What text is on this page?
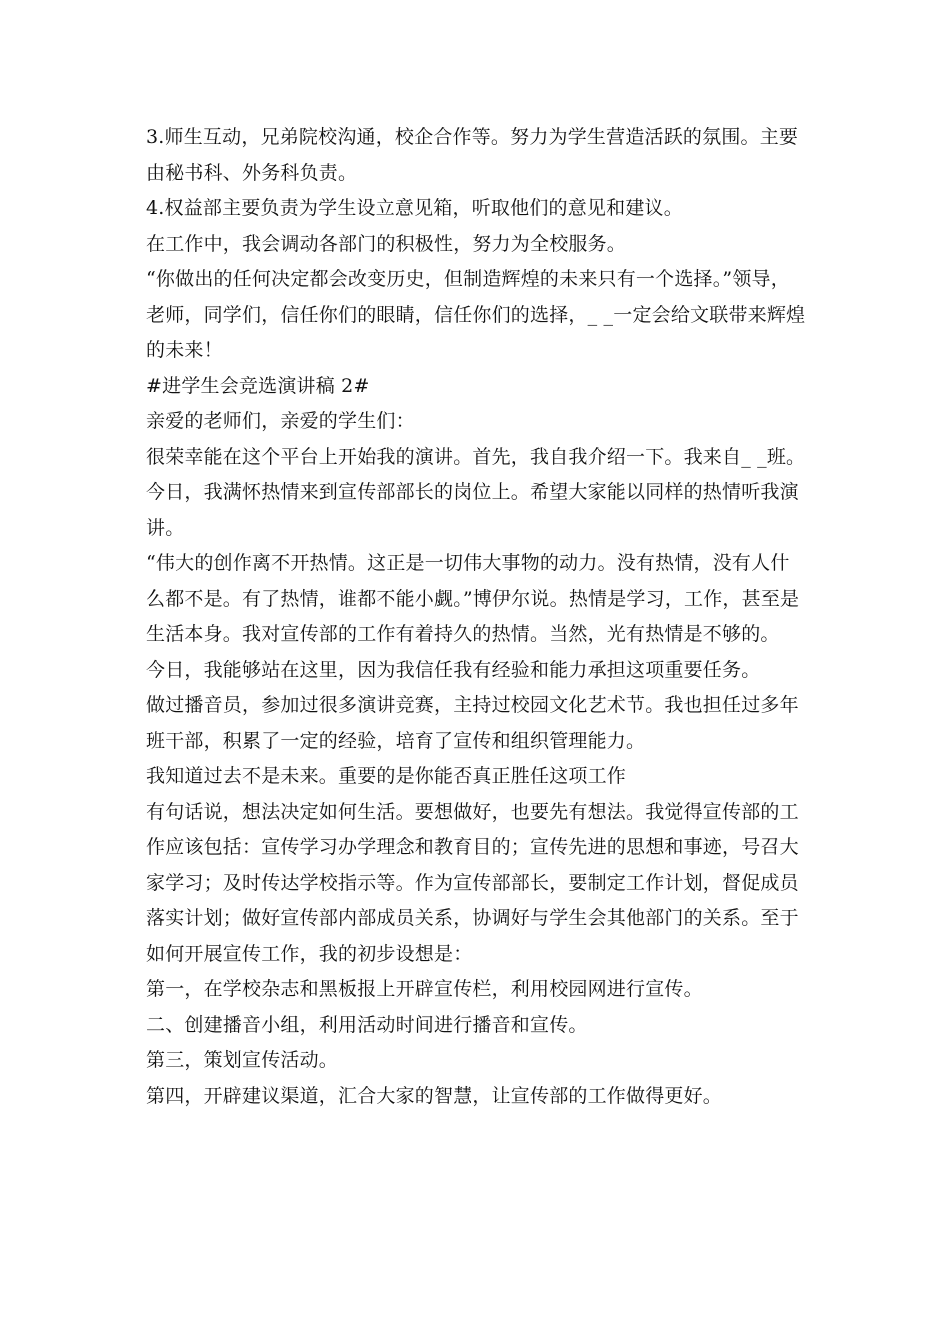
3.师生互动，兄弟院校沟通，校企合作等。努力为学生营造活跃的氛围。主要由秘书科、外务科负责。

4.权益部主要负责为学生设立意见箱，听取他们的意见和建议。

在工作中，我会调动各部门的积极性，努力为全校服务。

“你做出的任何决定都会改变历史，但制造辉煌的未来只有一个选择。”领导，老师，同学们，信任你们的眼睛，信任你们的选择，_ _一定会给文联带来辉煌的未来！

#进学生会竞选演讲稿 2#

亲爱的老师们，亲爱的学生们：

很荣幸能在这个平台上开始我的演讲。首先，我自我介绍一下。我来自_ _班。今日，我满怀热情来到宣传部部长的岗位上。希望大家能以同样的热情听我演讲。

“伟大的创作离不开热情。这正是一切伟大事物的动力。没有热情，没有人什么都不是。有了热情，谁都不能小觑。”博伊尔说。热情是学习，工作，甚至是生活本身。我对宣传部的工作有着持久的热情。当然，光有热情是不够的。

今日，我能够站在这里，因为我信任我有经验和能力承担这项重要任务。

做过播音员，参加过很多演讲竞赛，主持过校园文化艺术节。我也担任过多年班干部，积累了一定的经验，培育了宣传和组织管理能力。

我知道过去不是未来。重要的是你能否真正胜任这项工作

有句话说，想法决定如何生活。要想做好，也要先有想法。我觉得宣传部的工作应该包括：宣传学习办学理念和教育目的；宣传先进的思想和事迹，号召大家学习；及时传达学校指示等。作为宣传部部长，要制定工作计划，督促成员落实计划；做好宣传部内部成员关系，协调好与学生会其他部门的关系。至于如何开展宣传工作，我的初步设想是：

第一，在学校杂志和黑板报上开辟宣传栏，利用校园网进行宣传。

二、创建播音小组，利用活动时间进行播音和宣传。

第三，策划宣传活动。

第四，开辟建议渠道，汇合大家的智慧，让宣传部的工作做得更好。
